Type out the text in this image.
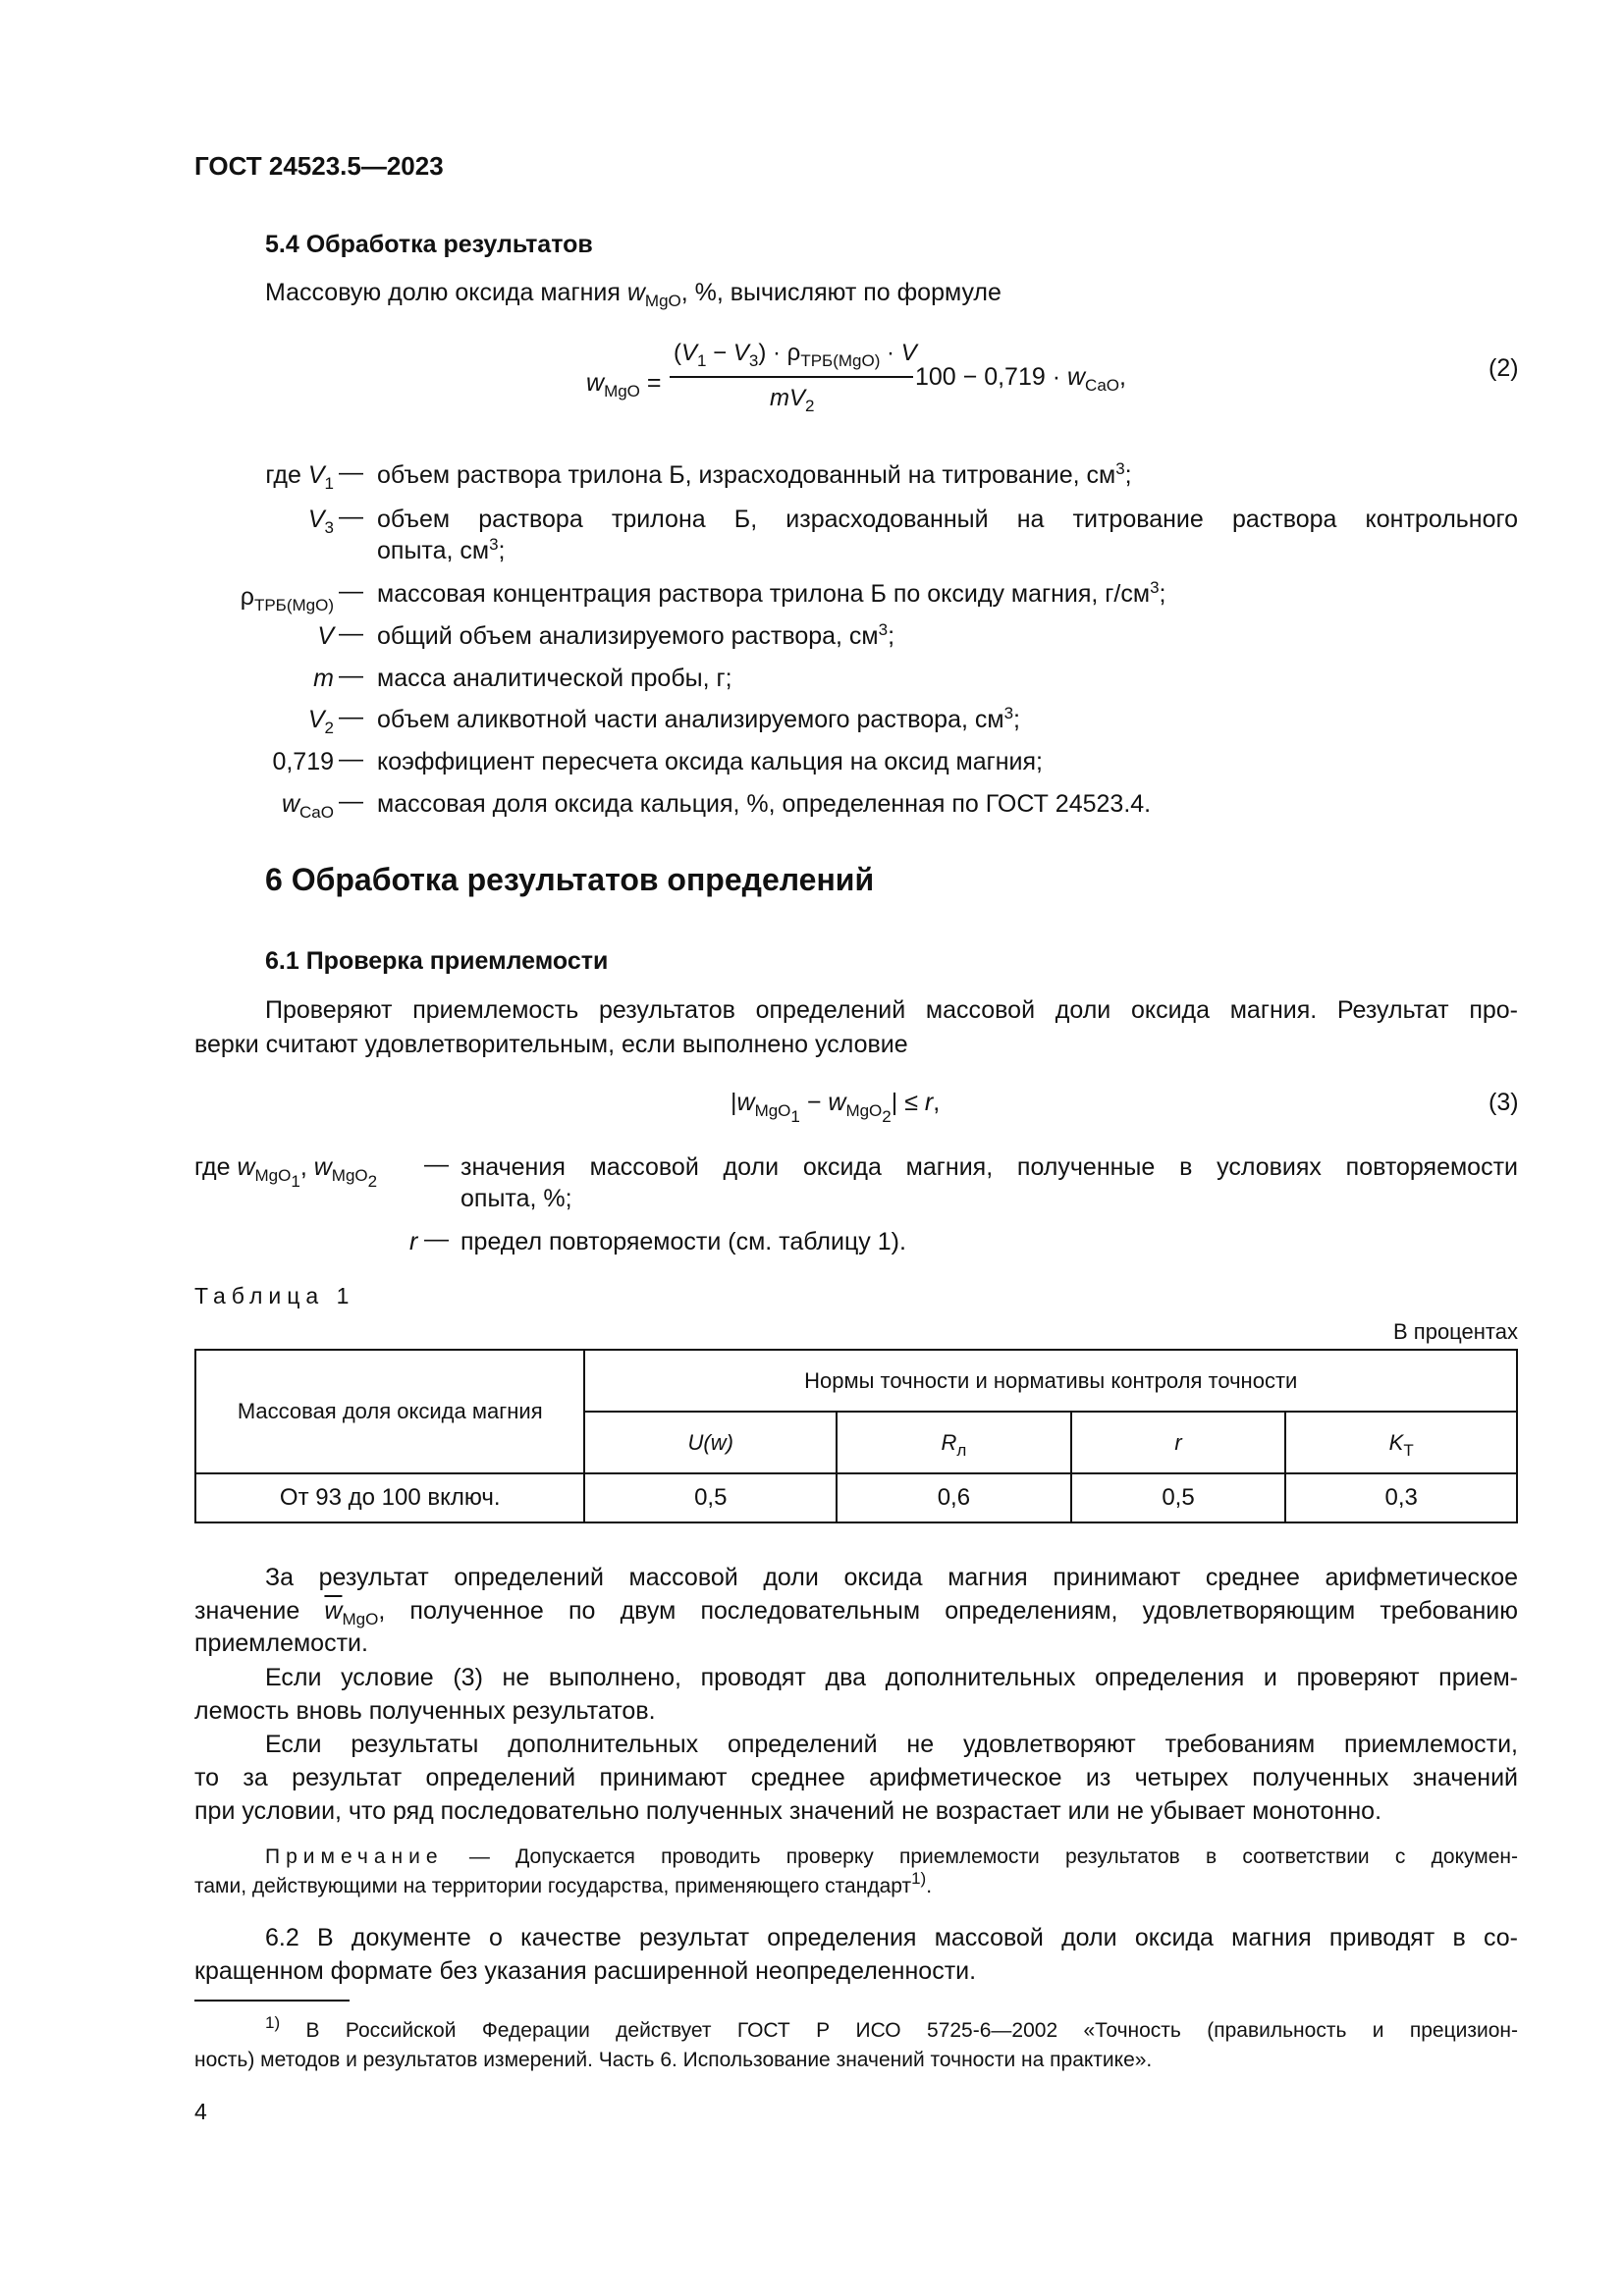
ГОСТ 24523.5—2023
5.4 Обработка результатов
Массовую долю оксида магния $w_{MgO}$, %, вычисляют по формуле
$w_{MgO}$ =
$(V_1 - V_3) \cdot \rho_{ТРБ(MgO)} \cdot V$
$mV_2$
$100 - 0,719 \cdot w_{CaO}$,	(2)
где $V_1$ — объем раствора трилона Б, израсходованный на титрование, $см^3$;
$V_3$ — объем раствора трилона Б, израсходованный на титрование раствора контрольного
опыта, $см^3$;
$\rho_{ТРБ(MgO)}$
— массовая концентрация раствора трилона Б по оксиду магния, $г/см^3$;
V — общий объем анализируемого раствора, $см^3$;
m — масса аналитической пробы, г;
$V_2$ — объем аликвотной части анализируемого раствора, $см^3$;
0,719 — коэффициент пересчета оксида кальция на оксид магния;
$w_{CaO}$ — массовая доля оксида кальция, %, определенная по ГОСТ 24523.4.
6 Обработка результатов определений
6.1 Проверка приемлемости
Проверяют приемлемость результатов определений массовой доли оксида магния. Результат про-
верки считают удовлетворительным, если выполнено условие
$|w_{MgO_1} - w_{MgO_2}| \le r$,	(3)
где $w_{MgO_1}$, $w_{MgO_2}$
— значения массовой доли оксида магния, полученные в условиях повторяемости
опыта, %;
r — предел повторяемости (см. таблицу 1).
Таблица 1
В процентах
Массовая доля оксида магния	Нормы точности и нормативы контроля точности			
	U(w)	$R_л$	r	$K_Т$
От 93 до 100 включ.	0,5	0,6	0,5	0,3
За результат определений массовой доли оксида магния принимают среднее арифметическое
значение $\overline{w}_{MgO}$, полученное по двум последовательным определениям, удовлетворяющим требованию
приемлемости.
Если условие (3) не выполнено, проводят два дополнительных определения и проверяют прием-
лемость вновь полученных результатов.
Если результаты дополнительных определений не удовлетворяют требованиям приемлемости,
то за результат определений принимают среднее арифметическое из четырех полученных значений
при условии, что ряд последовательно полученных значений не возрастает или не убывает монотонно.
Примечание — Допускается проводить проверку приемлемости результатов в соответствии с докумен-
тами, действующими на территории государства, применяющего стандарт$^{1)}$.
6.2 В документе о качестве результат определения массовой доли оксида магния приводят в со-
кращенном формате без указания расширенной неопределенности.
$^{1)}$ В Российской Федерации действует ГОСТ Р ИСО 5725-6—2002 «Точность (правильность и прецизион-
ность) методов и результатов измерений. Часть 6. Использование значений точности на практике».
4
